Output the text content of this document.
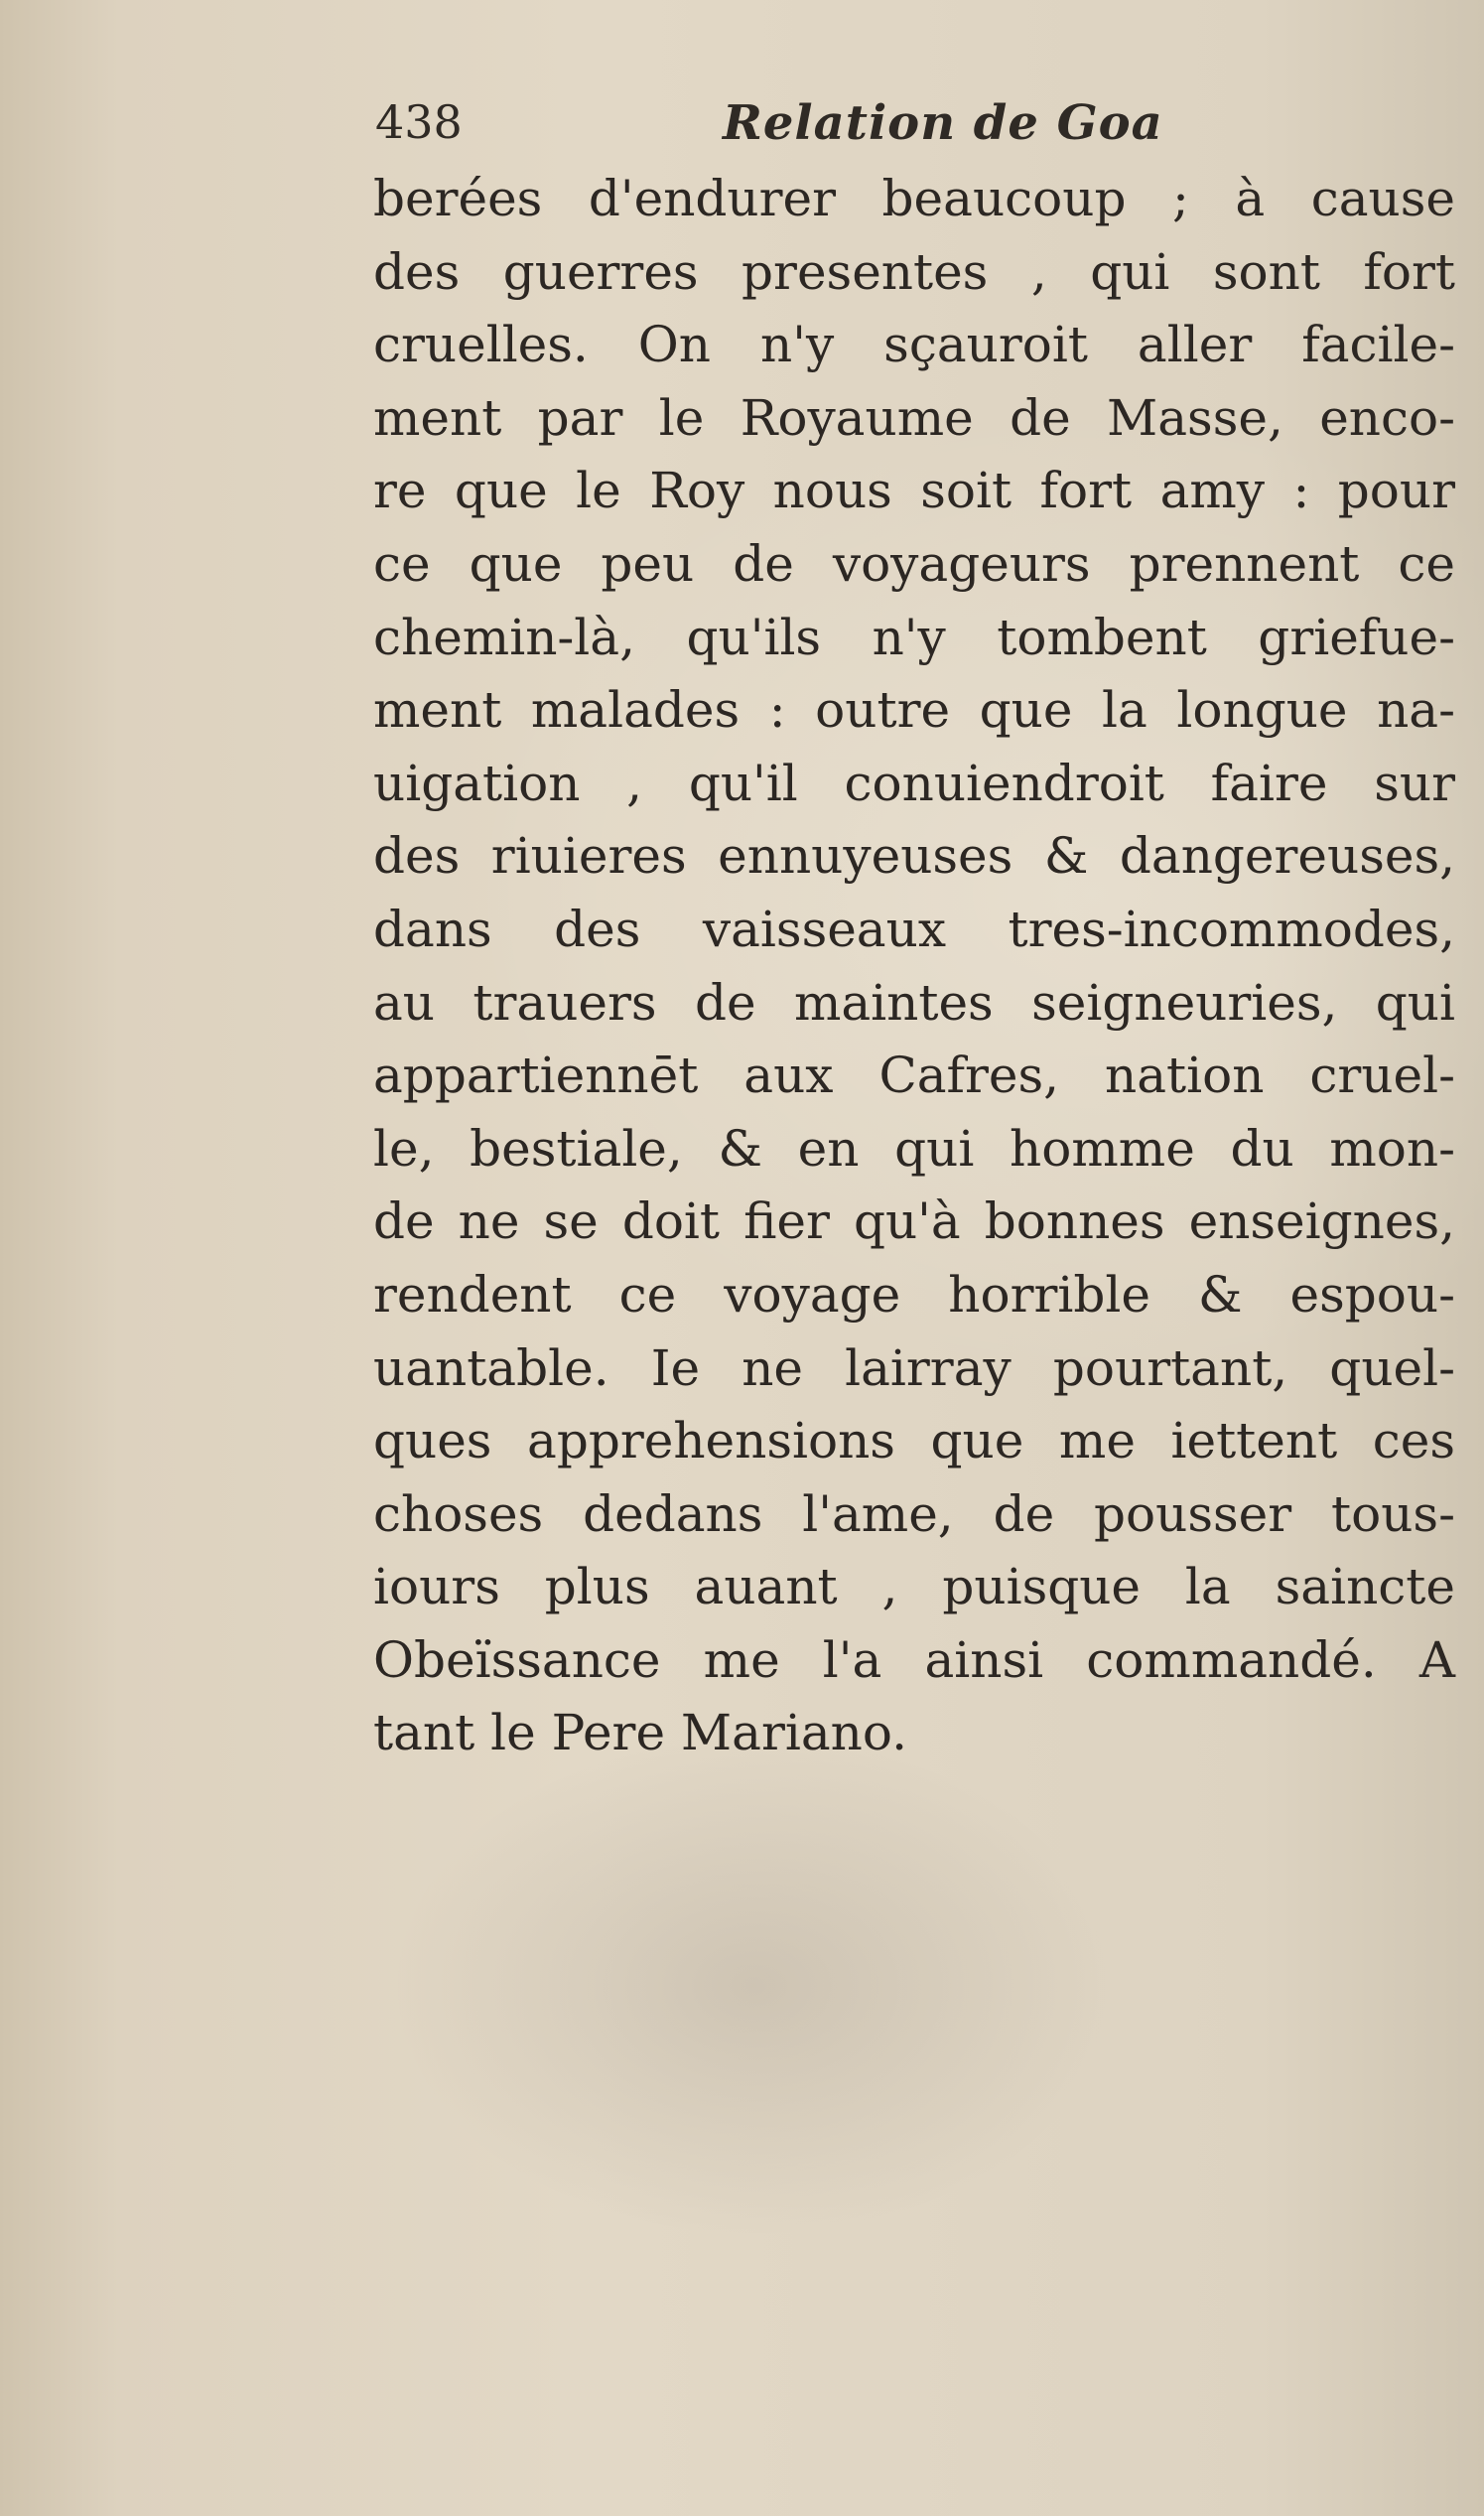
438	Relation de Goa
berées d'endurer beaucoup ; à cause
des guerres presentes , qui sont fort
cruelles. On n'y sçauroit aller facile-
ment par le Royaume de Masse, enco-
re que le Roy nous soit fort amy : pour
ce que peu de voyageurs prennent ce
chemin-là, qu'ils n'y tombent griefue-
ment malades : outre que la longue na-
uigation , qu'il conuiendroit faire sur
des riuieres ennuyeuses & dangereuses,
dans des vaisseaux tres-incommodes,
au trauers de maintes seigneuries, qui
appartiennēt aux Cafres, nation cruel-
le, bestiale, & en qui homme du mon-
de ne se doit fier qu'à bonnes enseignes,
rendent ce voyage horrible & espou-
uantable. Ie ne lairray pourtant, quel-
ques apprehensions que me iettent ces
choses dedans l'ame, de pousser tous-
iours plus auant , puisque la saincte
Obeïssance me l'a ainsi commandé. A
tant le Pere Mariano.
